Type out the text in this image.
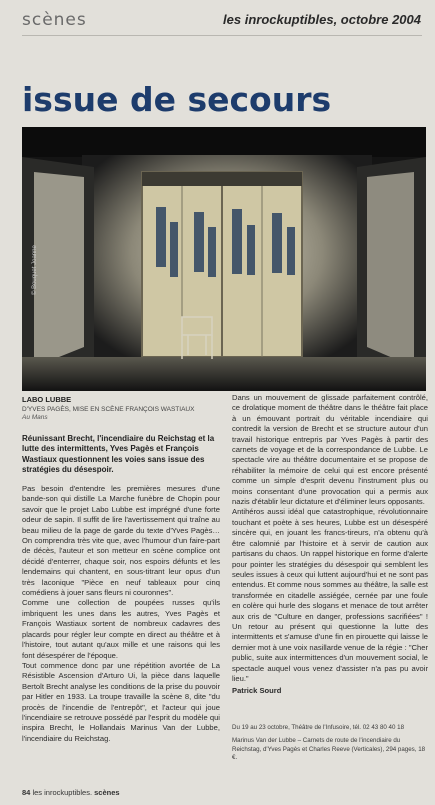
scènes	les inrockuptibles, octobre 2004
issue de secours
© Bouquet Joanne
LABO LUBBE
D'YVES PAGÈS, MISE EN SCÈNE FRANÇOIS WASTIAUX
Au Mans
Réunissant Brecht, l'incendiaire du Reichstag et la lutte des intermittents, Yves Pagès et François Wastiaux questionnent les voies sans issue des stratégies du désespoir.

Pas besoin d'entendre les premières mesures d'une bande-son qui distille La Marche funèbre de Chopin pour savoir que le projet Labo Lubbe est imprégné d'une forte odeur de sapin. Il suffit de lire l'avertissement qui traîne au beau milieu de la page de garde du texte d'Yves Pagès… On comprendra très vite que, avec l'humour d'un faire-part de décès, l'auteur et son metteur en scène complice ont décidé d'enterrer, chaque soir, nos espoirs défunts et les lendemains qui chantent, en sous-titrant leur opus d'un très laconique "Pièce en neuf tableaux pour cinq comédiens à jouer sans fleurs ni couronnes".

Comme une collection de poupées russes qu'ils imbriquent les unes dans les autres, Yves Pagès et François Wastiaux sortent de nombreux cadavres des placards pour régler leur compte en direct au théâtre et à l'histoire, tout autant qu'aux mille et une raisons qui les font désespérer de l'époque.

Tout commence donc par une répétition avortée de La Résistible Ascension d'Arturo Ui, la pièce dans laquelle Bertolt Brecht analyse les conditions de la prise du pouvoir par Hitler en 1933. La troupe travaille la scène 8, dite "du procès de l'incendie de l'entrepôt", et l'acteur qui joue l'incendiaire se retrouve possédé par l'esprit du modèle qui inspira Brecht, le Hollandais Marinus Van der Lubbe, l'incendiaire du Reichstag.

Dans un mouvement de glissade parfaitement contrôlé, ce drolatique moment de théâtre dans le théâtre fait place à un émouvant portrait du véritable incendiaire qui contredit la version de Brecht et se structure autour d'un travail historique entrepris par Yves Pagès à partir des carnets de voyage et de la correspondance de Lubbe. Le spectacle vire au théâtre documentaire et se propose de réhabiliter la mémoire de celui qui est encore présenté comme un simple d'esprit devenu l'instrument plus ou moins consentant d'une provocation qui a permis aux nazis d'établir leur dictature et d'éliminer leurs opposants.

Antihéros aussi idéal que catastrophique, révolutionnaire touchant et poète à ses heures, Lubbe est un désespéré sincère qui, en jouant les francs-tireurs, n'a obtenu qu'à être calomnié par l'histoire et à servir de caution aux partisans du chaos. Un rappel historique en forme d'alerte pour pointer les stratégies du désespoir qui semblent les seules issues à ceux qui luttent aujourd'hui et ne sont pas entendus. Et comme nous sommes au théâtre, la salle est transformée en citadelle assiégée, cernée par une foule en colère qui hurle des slogans et menace de tout arrêter aux cris de "Culture en danger, professions sacrifiées" ! Un retour au présent qui questionne la lutte des intermittents et s'amuse d'une fin en pirouette qui laisse le dernier mot à une voix nasillarde venue de la régie : "Cher public, suite aux intermittences d'un mouvement social, le spectacle auquel vous venez d'assister n'a pas pu avoir lieu."

Patrick Sourd

Du 19 au 23 octobre, Théâtre de l'Infusoire, tél. 02 43 80 40 18

Marinus Van der Lubbe – Carnets de route de l'incendiaire du Reichstag, d'Yves Pagès et Charles Reeve (Verticales), 294 pages, 18 €.

84 les inrockuptibles. scènes
